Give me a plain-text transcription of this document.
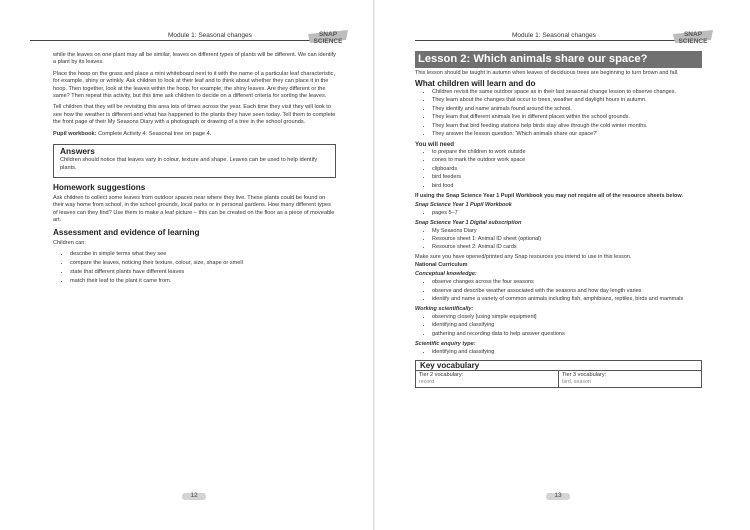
Module 1: Seasonal changes	SNAP
SCIENCE

while the leaves on one plant may all be similar, leaves on different types of plants will be different. We can identify a plant by its leaves.

Place the hoop on the grass and place a mini whiteboard next to it with the name of a particular leaf characteristic, for example, shiny or wrinkly. Ask children to look at their leaf and to think about whether they can place it in the hoop. Then together, look at the leaves within the hoop, for example, the shiny leaves. Are they different or the same? Then repeat this activity, but this time ask children to decide on a different criteria for sorting the leaves.

Tell children that they will be revisiting this area lots of times across the year. Each time they visit they will look to see how the weather is different and what has happened to the plants they have seen today. Tell them to complete the front page of their My Seasons Diary with a photograph or drawing of a tree in the school grounds.

Pupil workbook: Complete Activity 4: Seasonal tree on page 4.

Answers
Children should notice that leaves vary in colour, texture and shape. Leaves can be used to help identify plants.
Homework suggestions

Ask children to collect some leaves from outdoor spaces near where they live. These plants could be found on their way home from school, in the school grounds, local parks or in personal gardens. How many different types of leaves can they find? Use them to make a leaf picture – this can be created on the floor as a piece of moveable art.

Assessment and evidence of learning

Children can:

• describe in simple terms what they see
• compare the leaves, noticing their texture, colour, size, shape or smell
• state that different plants have different leaves
• match their leaf to the plant it came from.
12
Module 1: Seasonal changes	SNAP
SCIENCE
Lesson 2: Which animals share our space?

This lesson should be taught in autumn when leaves of deciduous trees are beginning to turn brown and fall.

What children will learn and do
• Children revisit the same outdoor space as in their last seasonal change lesson to observe changes.
• They learn about the changes that occur to trees, weather and daylight hours in autumn.
• They identify and name animals found around the school.
• They learn that different animals live in different places within the school grounds.
• They learn that bird feeding stations help birds stay alive through the cold winter months.
• They answer the lesson question: 'Which animals share our space?'
You will need
• to prepare the children to work outside
• cones to mark the outdoor work space
• clipboards
• bird feeders
• bird food

If using the Snap Science Year 1 Pupil Workbook you may not require all of the resource sheets below.

Snap Science Year 1 Pupil Workbook
• pages 5–7
Snap Science Year 1 Digital subscription
• My Seasons Diary
• Resource sheet 1: Animal ID sheet (optional)
• Resource sheet 2: Animal ID cards

Make sure you have opened/printed any Snap resources you intend to use in this lesson.

National Curriculum
Conceptual knowledge:
• observe changes across the four seasons
• observe and describe weather associated with the seasons and how day length varies
• identify and name a variety of common animals including fish, amphibians, reptiles, birds and mammals
Working scientifically:
• observing closely [using simple equipment]
• identifying and classifying
• gathering and recording data to help answer questions
Scientific enquiry type:
• identifying and classifying
Key vocabulary
Tier 2 vocabulary:
record
Tier 3 vocabulary:
bird, season
13
